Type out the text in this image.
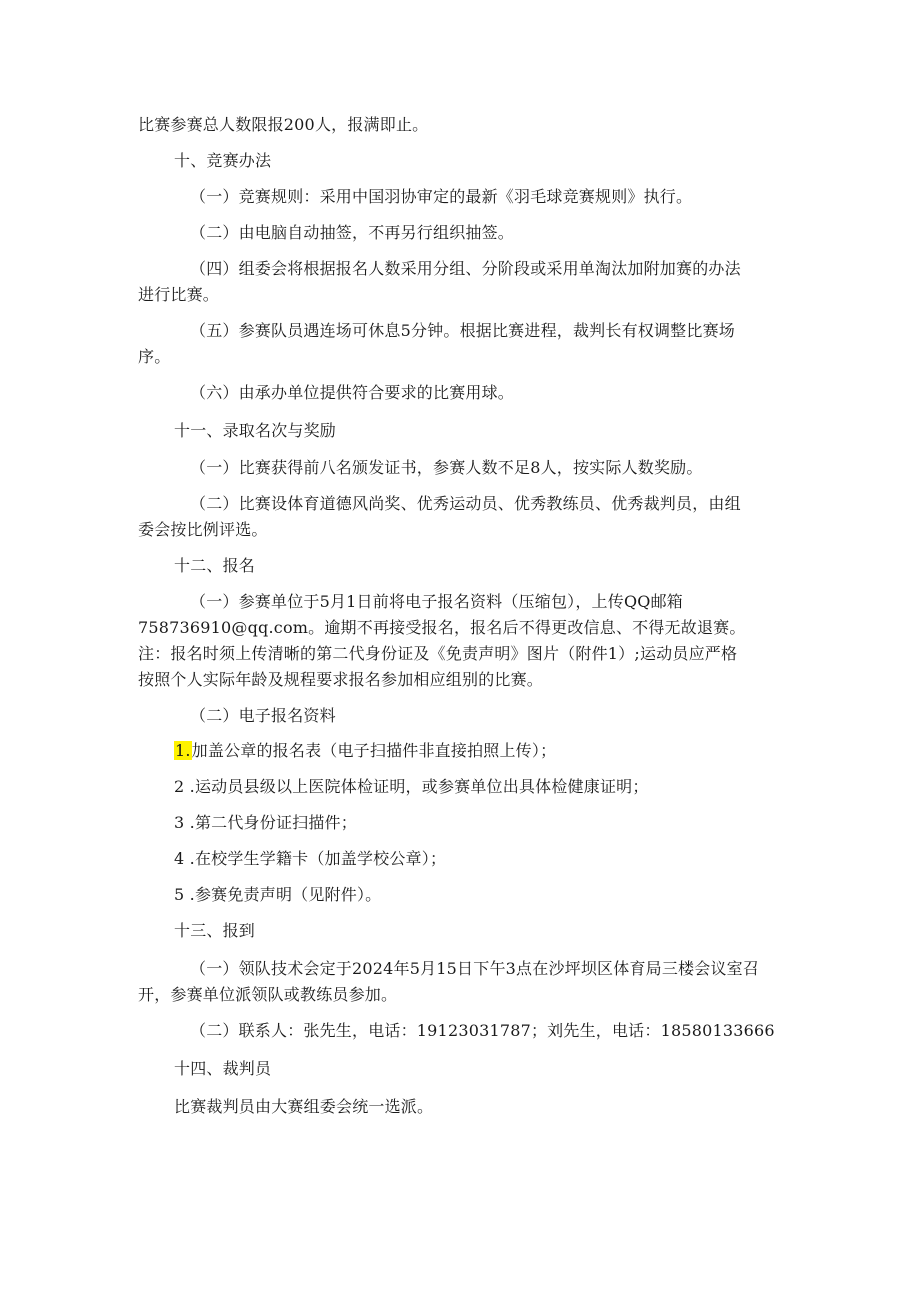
比赛参赛总人数限报200人，报满即止。
十、竞赛办法
（一）竞赛规则：采用中国羽协审定的最新《羽毛球竞赛规则》执行。
（二）由电脑自动抽签，不再另行组织抽签。
（四）组委会将根据报名人数采用分组、分阶段或采用单淘汰加附加赛的办法
进行比赛。
（五）参赛队员遇连场可休息5分钟。根据比赛进程，裁判长有权调整比赛场
序。
（六）由承办单位提供符合要求的比赛用球。
十一、录取名次与奖励
（一）比赛获得前八名颁发证书，参赛人数不足8人，按实际人数奖励。
（二）比赛设体育道德风尚奖、优秀运动员、优秀教练员、优秀裁判员，由组
委会按比例评选。
十二、报名
（一）参赛单位于5月1日前将电子报名资料（压缩包），上传QQ邮箱
758736910@qq.com。逾期不再接受报名，报名后不得更改信息、不得无故退赛。
注：报名时须上传清晰的第二代身份证及《免责声明》图片（附件1）;运动员应严格
按照个人实际年龄及规程要求报名参加相应组别的比赛。
（二）电子报名资料
1.加盖公章的报名表（电子扫描件非直接拍照上传）；
2 .运动员县级以上医院体检证明，或参赛单位出具体检健康证明；
3 .第二代身份证扫描件；
4 .在校学生学籍卡（加盖学校公章）；
5 .参赛免责声明（见附件）。
十三、报到
（一）领队技术会定于2024年5月15日下午3点在沙坪坝区体育局三楼会议室召
开，参赛单位派领队或教练员参加。
（二）联系人：张先生，电话：19123031787；刘先生，电话：18580133666
十四、裁判员
比赛裁判员由大赛组委会统一选派。
